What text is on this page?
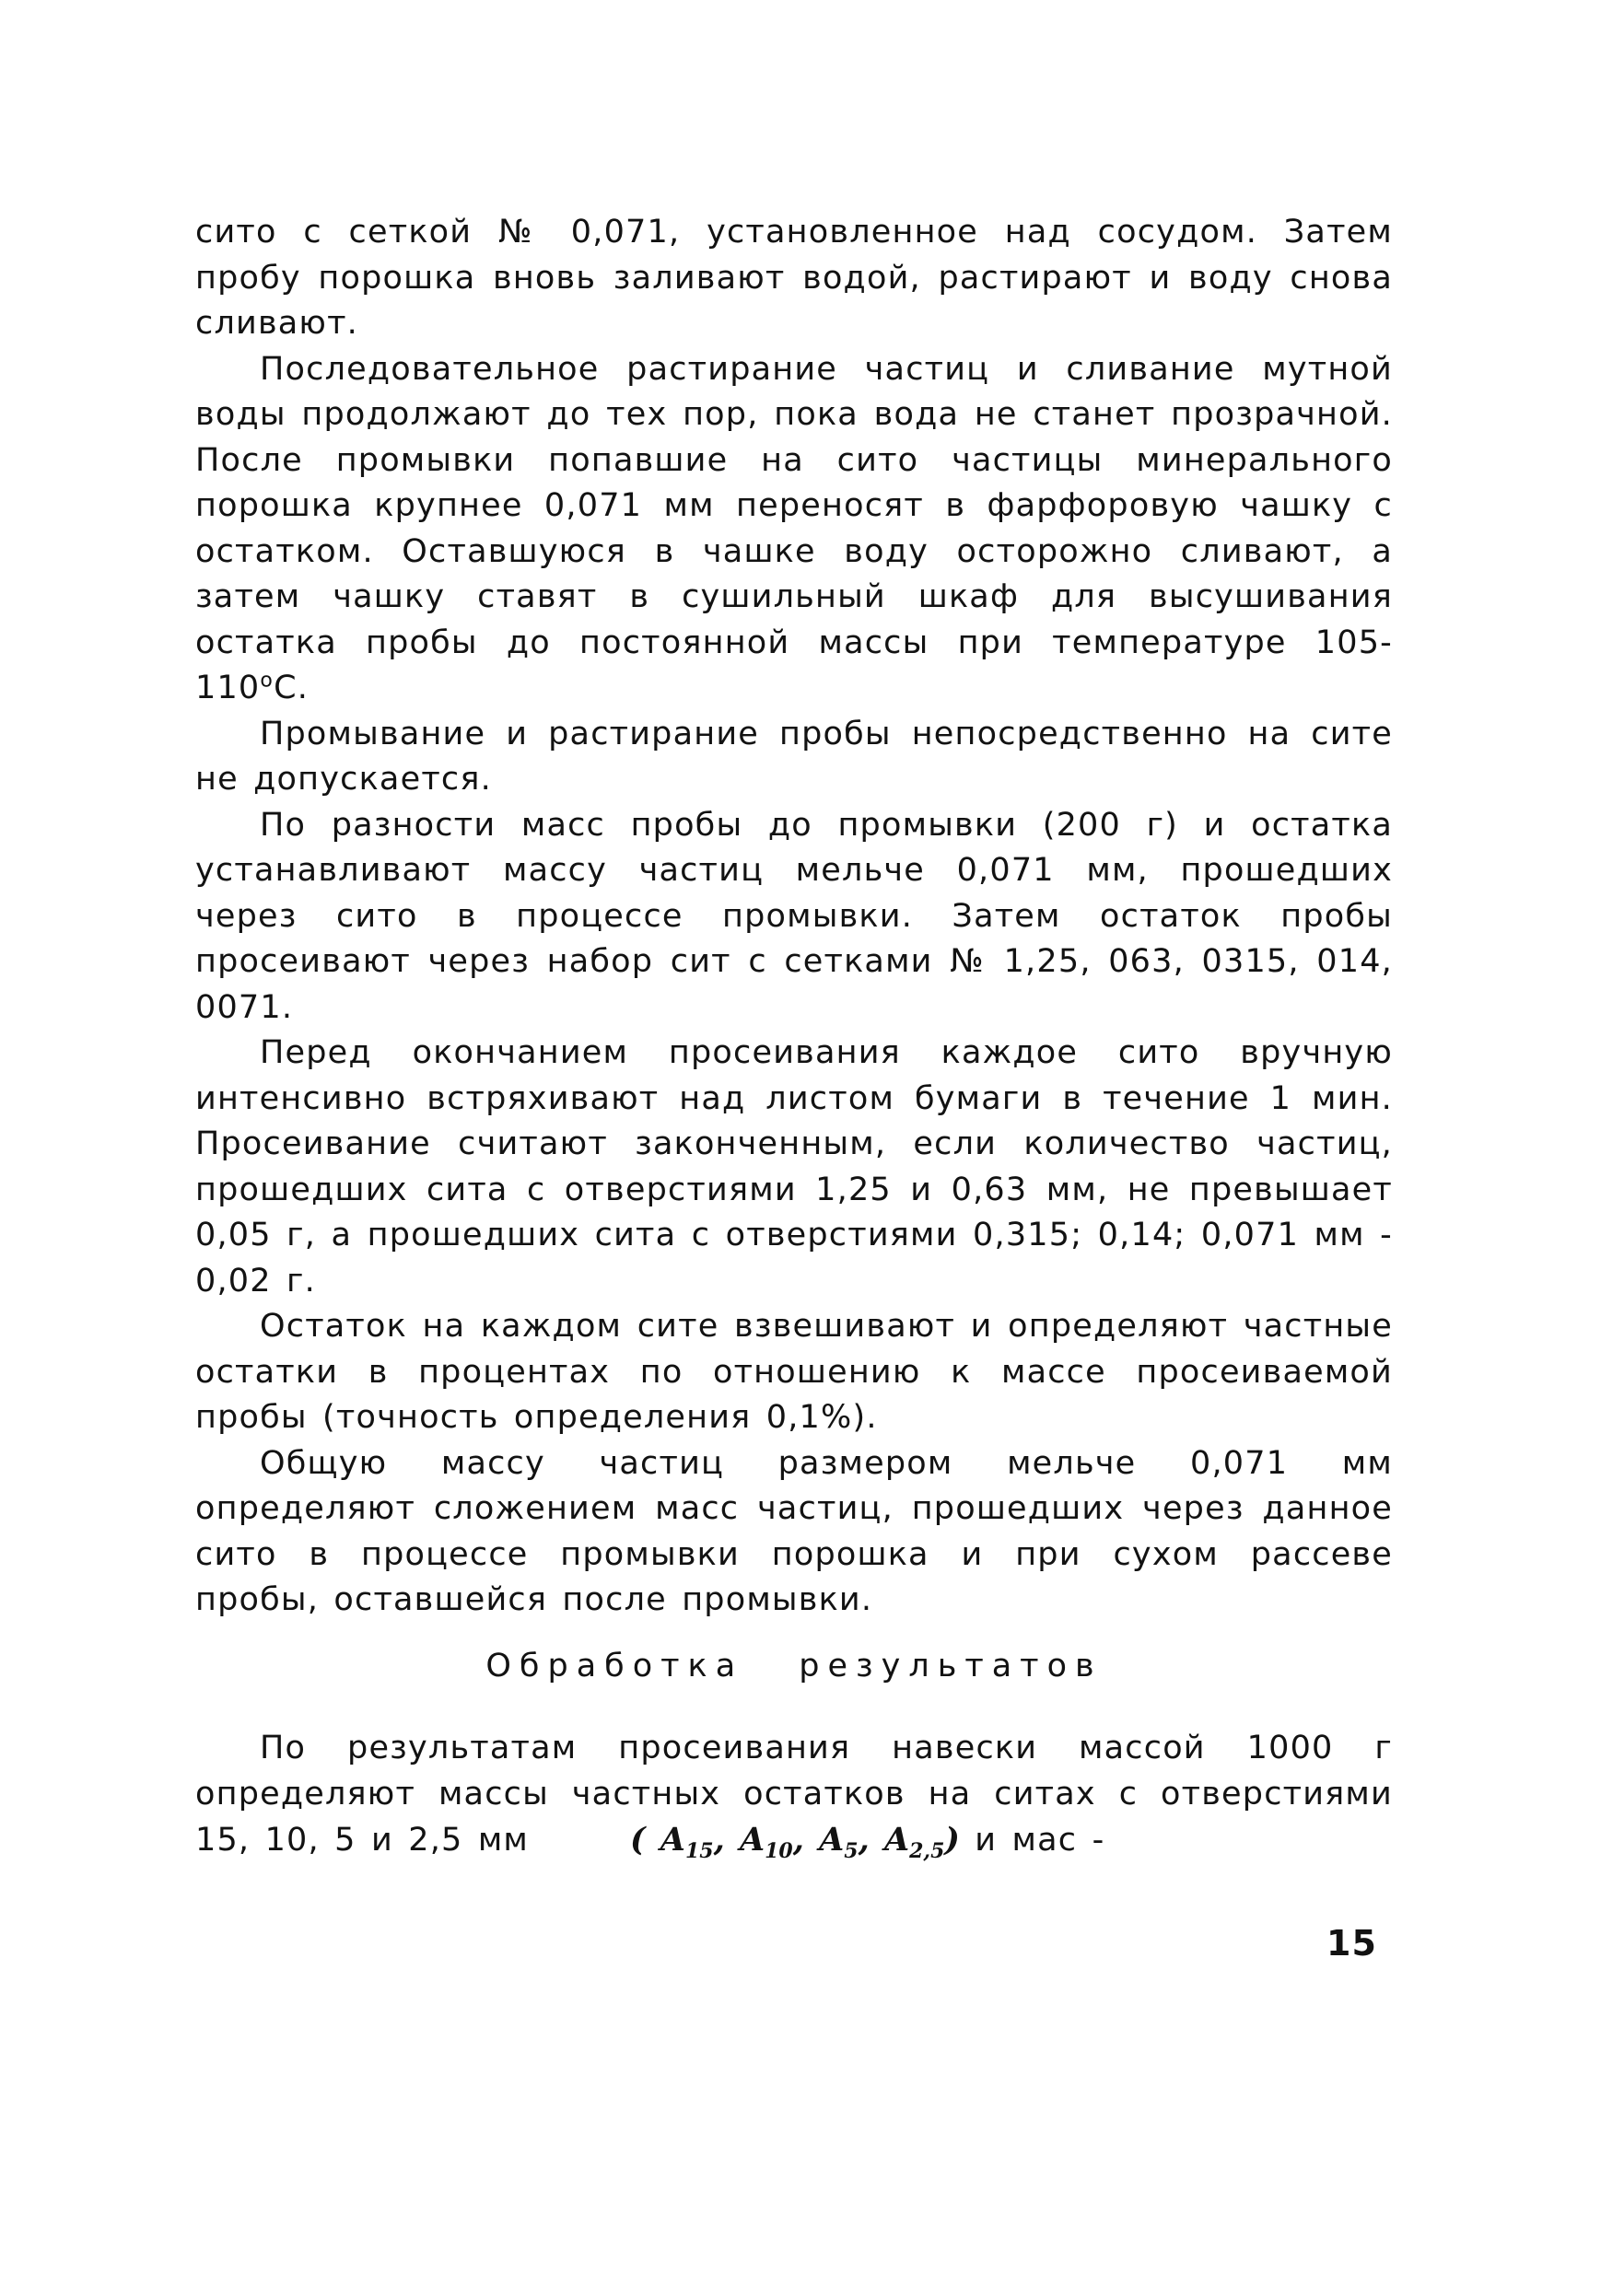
сито с сеткой № 0,071, установленное над сосудом. Затем пробу порошка вновь заливают водой, растирают и воду снова сливают.

Последовательное растирание частиц и сливание мутной воды продолжают до тех пор, пока вода не станет прозрачной. После промывки попавшие на сито частицы минерального порошка крупнее 0,071 мм переносят в фарфоровую чашку с остатком. Оставшуюся в чашке воду осторожно сливают, а затем чашку ставят в сушильный шкаф для высушивания остатка пробы до постоянной массы при температуре 105-110$^o$С.

Промывание и растирание пробы непосредственно на сите не допускается.

По разности масс пробы до промывки (200 г) и остатка устанавливают массу частиц мельче 0,071 мм, прошедших через сито в процессе промывки. Затем остаток пробы просеивают через набор сит с сетками № 1,25, 063, 0315, 014, 0071.

Перед окончанием просеивания каждое сито вручную интенсивно встряхивают над листом бумаги в течение 1 мин. Просеивание считают законченным, если количество частиц, прошедших сита с отверстиями 1,25 и 0,63 мм, не превышает 0,05 г, а прошедших сита с отверстиями 0,315; 0,14; 0,071 мм - 0,02 г.

Остаток на каждом сите взвешивают и определяют частные остатки в процентах по отношению к массе просеиваемой пробы (точность определения 0,1%).

Общую массу частиц размером мельче 0,071 мм определяют сложением масс частиц, прошедших через данное сито в процессе промывки порошка и при сухом рассеве пробы, оставшейся после промывки.

Обработка результатов

По результатам просеивания навески массой 1000 г определяют массы частных остатков на ситах с отверстиями 15, 10, 5 и 2,5 мм	( $A_{15}$, $A_{10}$, $A_5$, $A_{2,5}$) и мас -

15
